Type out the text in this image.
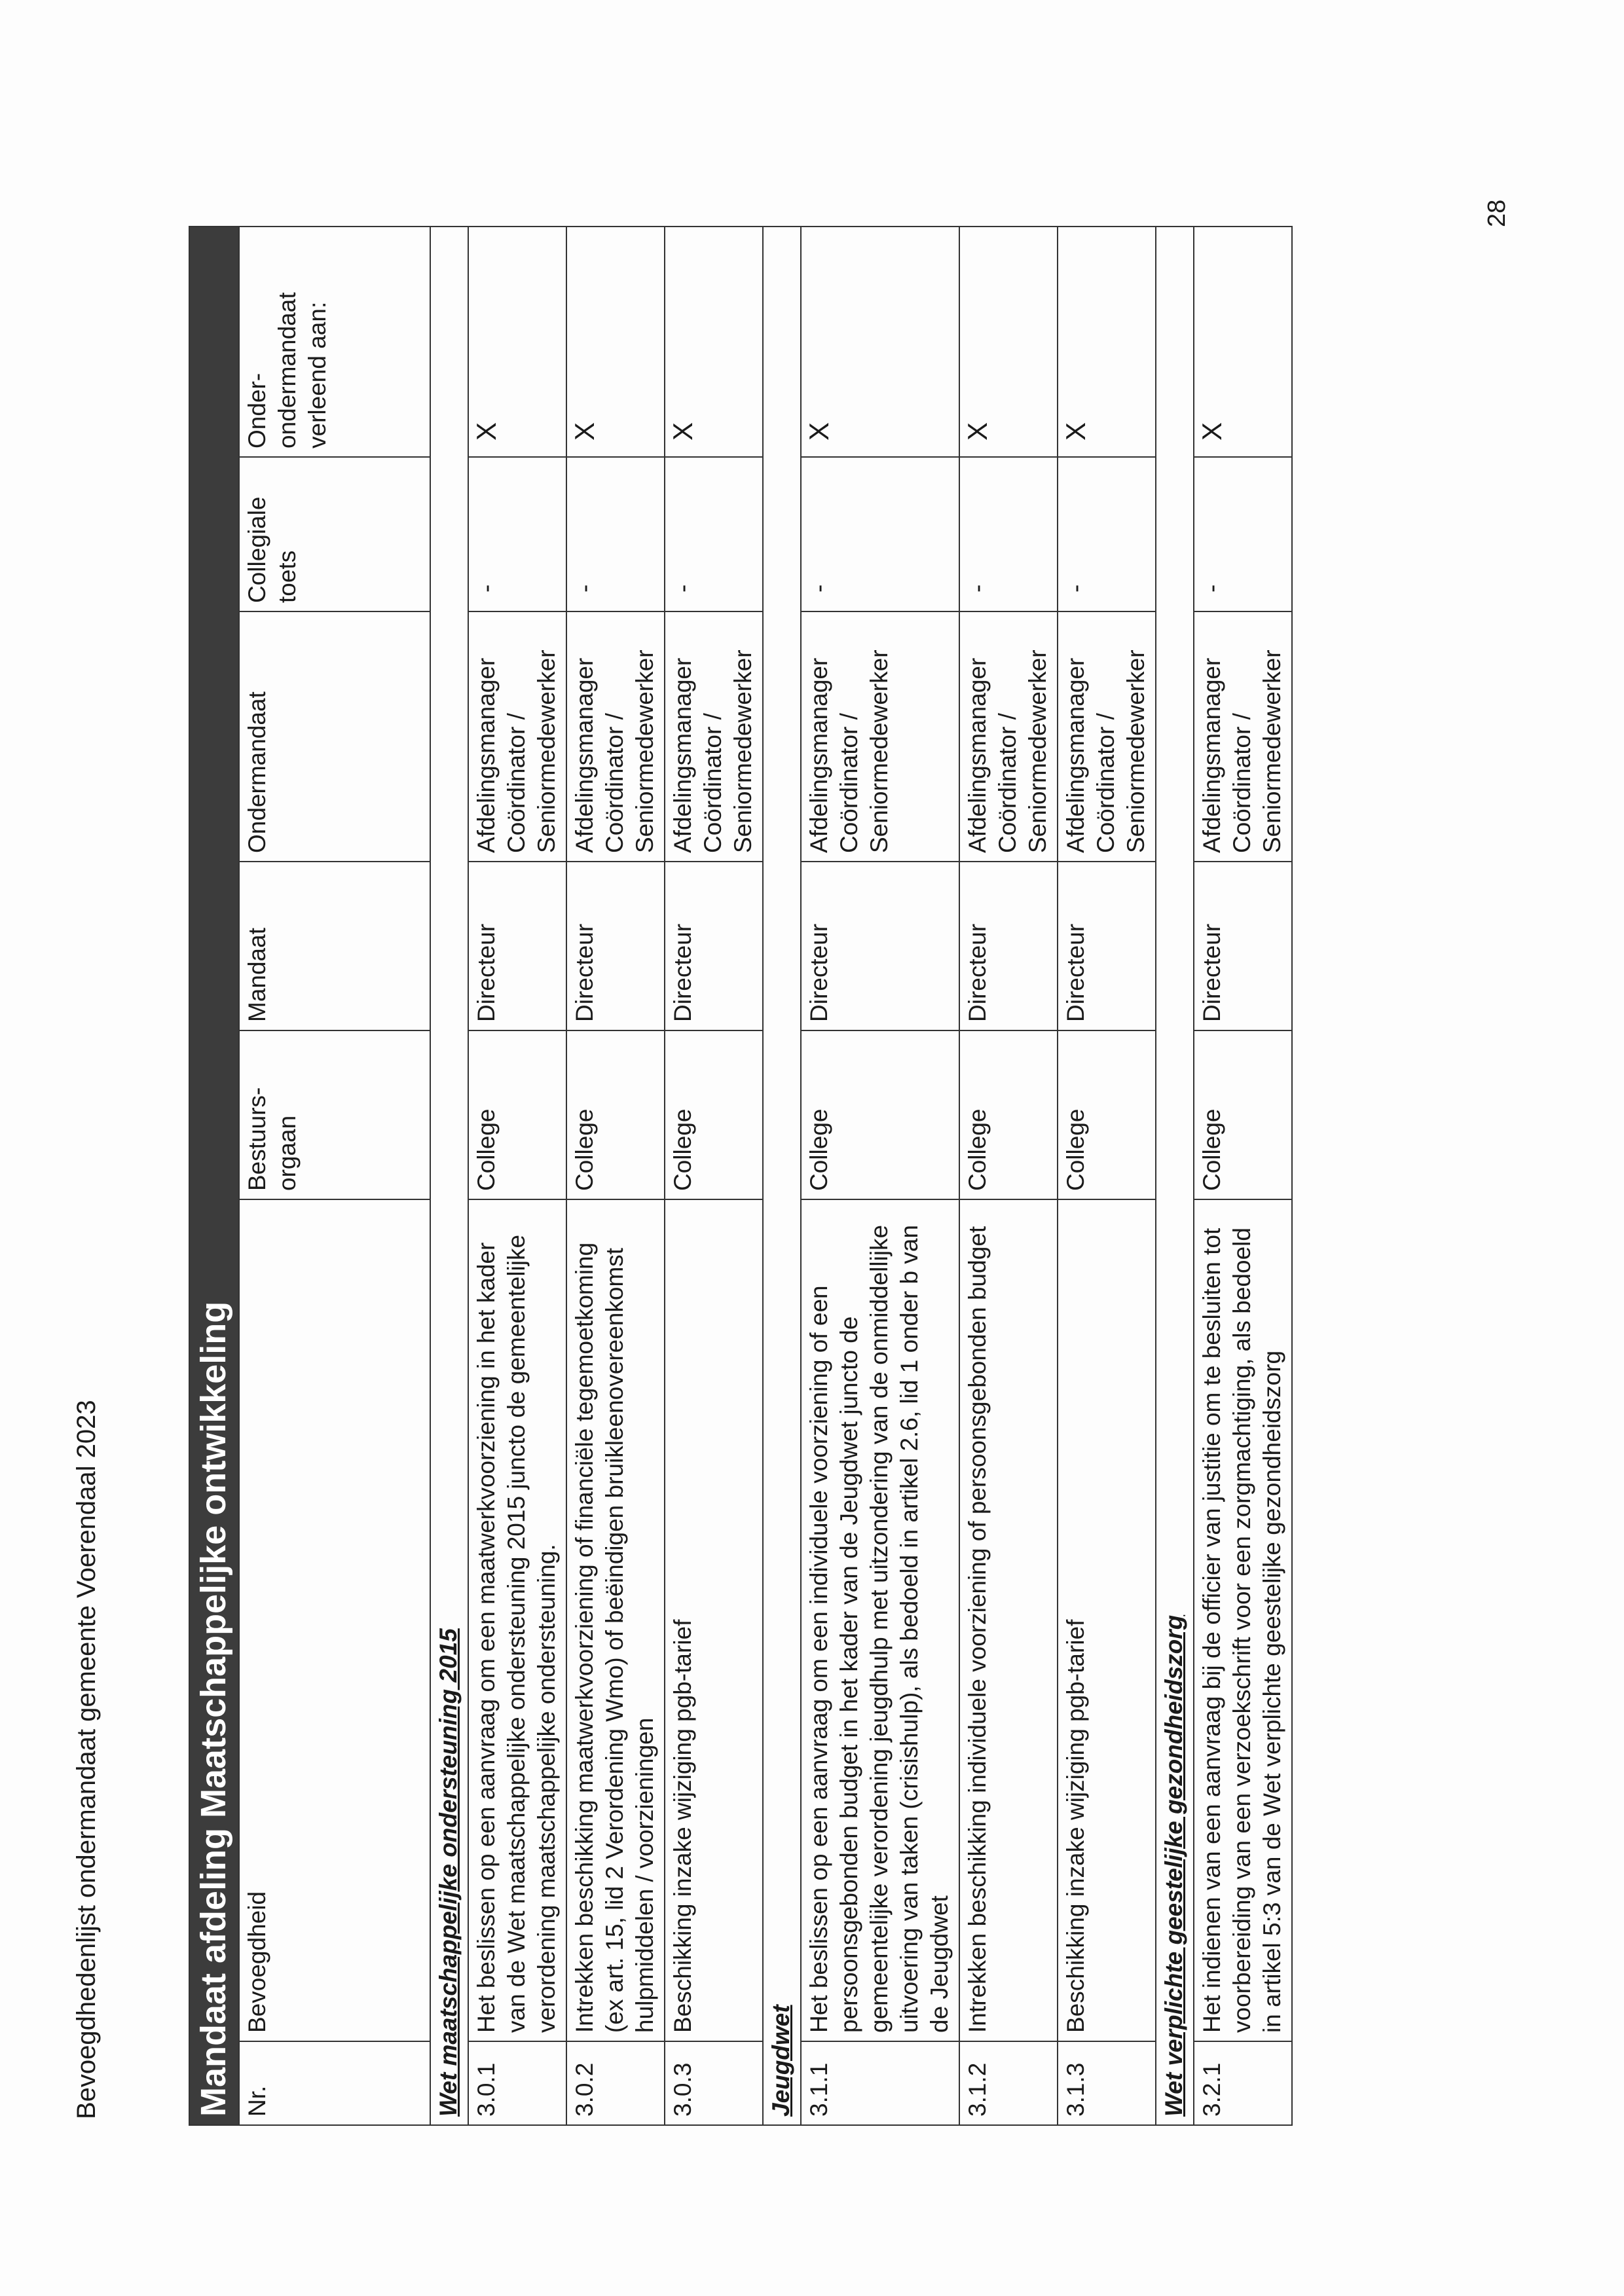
Bevoegdhedenlijst ondermandaat gemeente Voerendaal 2023	Mandaat afdeling Maatschappelijke ontwikkeling						
Nr.	Bevoegdheid	Bestuurs-orgaan	Mandaat	Ondermandaat	Collegiale toets	Onder-ondermandaat verleend aan:
Wet maatschappelijke ondersteuning 2015						
3.0.1	Het beslissen op een aanvraag om een maatwerkvoorziening in het kader van de Wet maatschappelijke ondersteuning 2015 juncto de gemeentelijke verordening maatschappelijke ondersteuning.	College	Directeur	Afdelingsmanager Coördinator / Seniormedewerker	-	X
3.0.2	Intrekken beschikking maatwerkvoorziening of financiële tegemoetkoming (ex art. 15, lid 2 Verordening Wmo) of beëindigen bruikleenovereenkomst hulpmiddelen / voorzieningen	College	Directeur	Afdelingsmanager Coördinator / Seniormedewerker	-	X
3.0.3	Beschikking inzake wijziging pgb-tarief	College	Directeur	Afdelingsmanager Coördinator / Seniormedewerker	-	X
Jeugdwet						
3.1.1	Het beslissen op een aanvraag om een individuele voorziening of een persoonsgebonden budget in het kader van de Jeugdwet juncto de gemeentelijke verordening jeugdhulp met uitzondering van de onmiddellijke uitvoering van taken (crisishulp), als bedoeld in artikel 2.6, lid 1 onder b van de Jeugdwet	College	Directeur	Afdelingsmanager Coördinator / Seniormedewerker	-	X
3.1.2	Intrekken beschikking individuele voorziening of persoonsgebonden budget	College	Directeur	Afdelingsmanager Coördinator / Seniormedewerker	-	X
3.1.3	Beschikking inzake wijziging pgb-tarief	College	Directeur	Afdelingsmanager Coördinator / Seniormedewerker	-	X
Wet verplichte geestelijke gezondheidszorg						
3.2.1	Het indienen van een aanvraag bij de officier van justitie om te besluiten tot voorbereiding van een verzoekschrift voor een zorgmachtiging, als bedoeld in artikel 5:3 van de Wet verplichte geestelijke gezondheidszorg	College	Directeur	Afdelingsmanager Coördinator / Seniormedewerker	-	X
28
